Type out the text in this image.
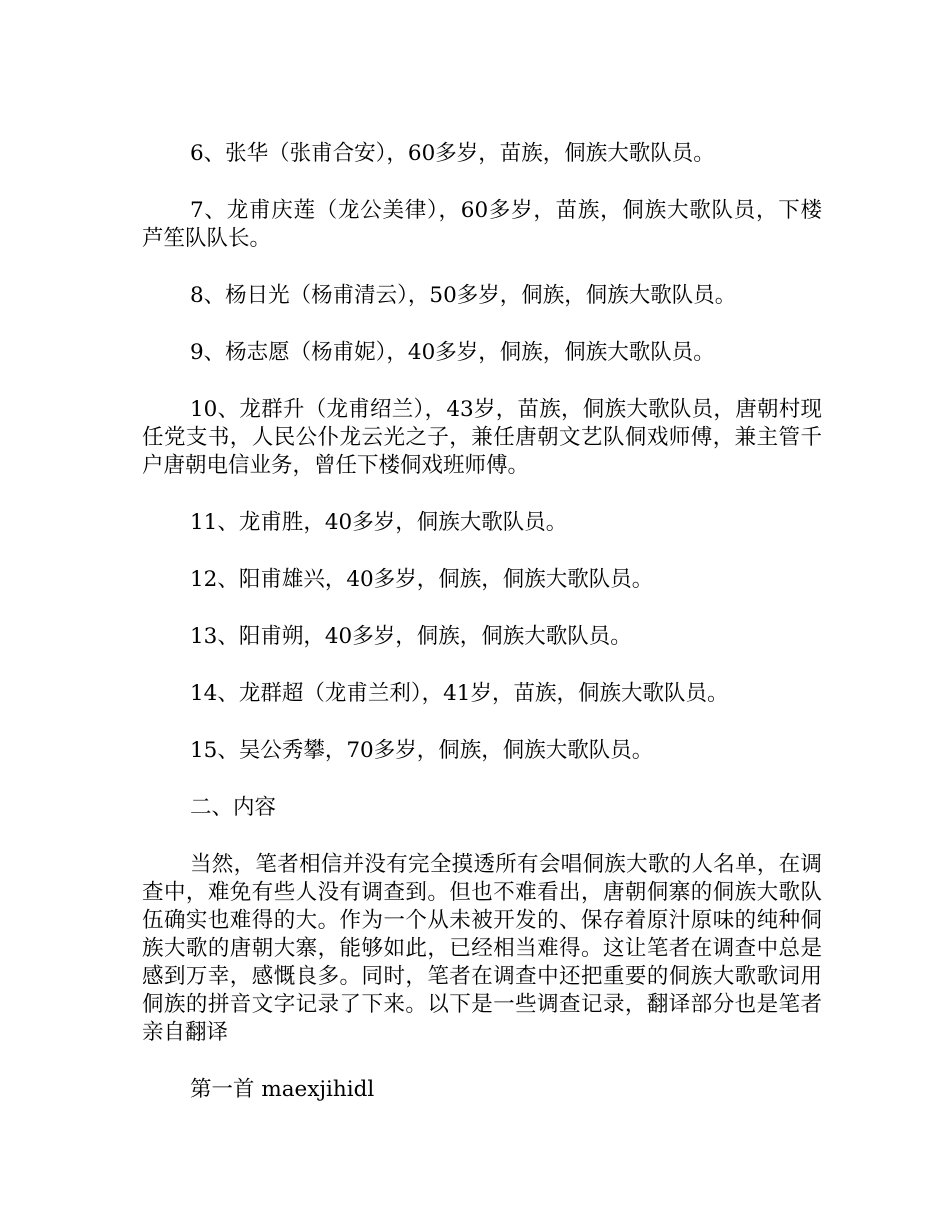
6、张华（张甫合安），60多岁，苗族，侗族大歌队员。

7、龙甫庆莲（龙公美律），60多岁，苗族，侗族大歌队员，下楼芦笙队队长。

8、杨日光（杨甫清云），50多岁，侗族，侗族大歌队员。

9、杨志愿（杨甫妮），40多岁，侗族，侗族大歌队员。

10、龙群升（龙甫绍兰），43岁，苗族，侗族大歌队员，唐朝村现任党支书，人民公仆龙云光之子，兼任唐朝文艺队侗戏师傅，兼主管千户唐朝电信业务，曾任下楼侗戏班师傅。

11、龙甫胜，40多岁，侗族大歌队员。

12、阳甫雄兴，40多岁，侗族，侗族大歌队员。

13、阳甫朔，40多岁，侗族，侗族大歌队员。

14、龙群超（龙甫兰利），41岁，苗族，侗族大歌队员。

15、吴公秀攀，70多岁，侗族，侗族大歌队员。

二、内容

当然，笔者相信并没有完全摸透所有会唱侗族大歌的人名单，在调查中，难免有些人没有调查到。但也不难看出，唐朝侗寨的侗族大歌队伍确实也难得的大。作为一个从未被开发的、保存着原汁原味的纯种侗族大歌的唐朝大寨，能够如此，已经相当难得。这让笔者在调查中总是感到万幸，感慨良多。同时，笔者在调查中还把重要的侗族大歌歌词用侗族的拼音文字记录了下来。以下是一些调查记录，翻译部分也是笔者亲自翻译

第一首 maexjihidl
